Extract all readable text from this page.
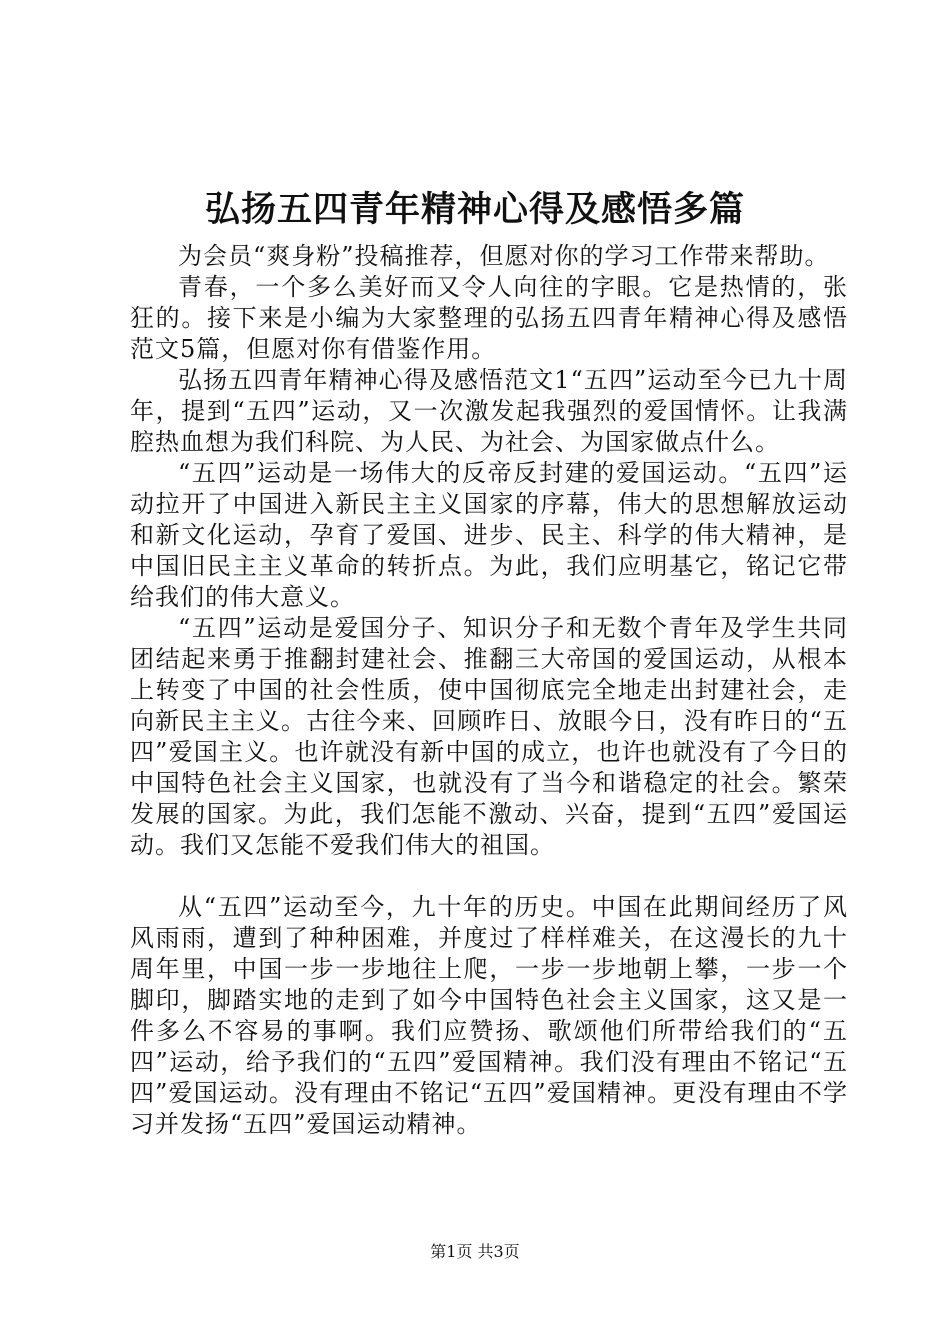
弘扬五四青年精神心得及感悟多篇

为会员“爽身粉”投稿推荐，但愿对你的学习工作带来帮助。

青春，一个多么美好而又令人向往的字眼。它是热情的，张狂的。接下来是小编为大家整理的弘扬五四青年精神心得及感悟范文5篇，但愿对你有借鉴作用。

弘扬五四青年精神心得及感悟范文1“五四”运动至今已九十周年，提到“五四”运动，又一次激发起我强烈的爱国情怀。让我满腔热血想为我们科院、为人民、为社会、为国家做点什么。

“五四”运动是一场伟大的反帝反封建的爱国运动。“五四”运动拉开了中国进入新民主主义国家的序幕，伟大的思想解放运动和新文化运动，孕育了爱国、进步、民主、科学的伟大精神，是中国旧民主主义革命的转折点。为此，我们应明基它，铭记它带给我们的伟大意义。

“五四”运动是爱国分子、知识分子和无数个青年及学生共同团结起来勇于推翻封建社会、推翻三大帝国的爱国运动，从根本上转变了中国的社会性质，使中国彻底完全地走出封建社会，走向新民主主义。古往今来、回顾昨日、放眼今日，没有昨日的“五四”爱国主义。也许就没有新中国的成立，也许也就没有了今日的中国特色社会主义国家，也就没有了当今和谐稳定的社会。繁荣发展的国家。为此，我们怎能不激动、兴奋，提到“五四”爱国运动。我们又怎能不爱我们伟大的祖国。

从“五四”运动至今，九十年的历史。中国在此期间经历了风风雨雨，遭到了种种困难，并度过了样样难关，在这漫长的九十周年里，中国一步一步地往上爬，一步一步地朝上攀，一步一个脚印，脚踏实地的走到了如今中国特色社会主义国家，这又是一件多么不容易的事啊。我们应赞扬、歌颂他们所带给我们的“五四”运动，给予我们的“五四”爱国精神。我们没有理由不铭记“五四”爱国运动。没有理由不铭记“五四”爱国精神。更没有理由不学习并发扬“五四”爱国运动精神。

第1页 共3页
